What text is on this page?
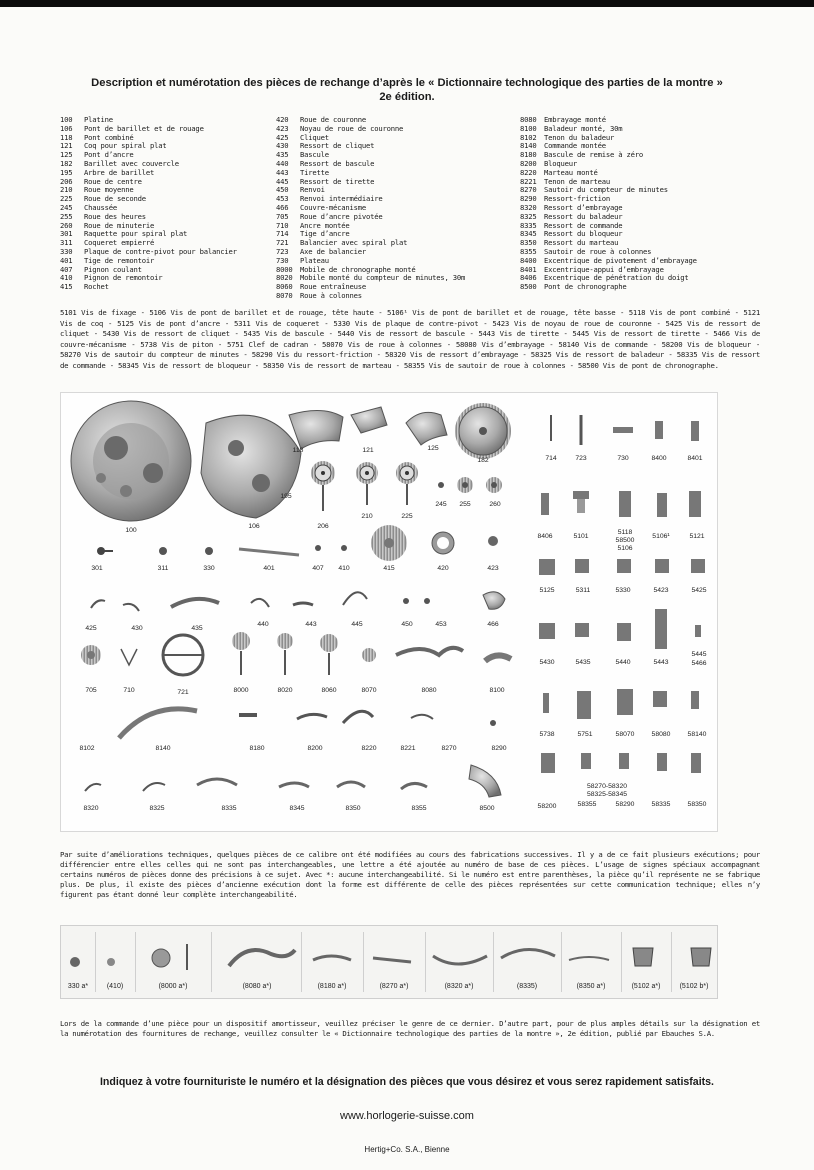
Description et numérotation des pièces de rechange d’après le « Dictionnaire technologique des parties de la montre »
2e édition.
100 Platine
106 Pont de barillet et de rouage
118 Pont combiné
121 Coq pour spiral plat
125 Pont d’ancre
182 Barillet avec couvercle
195 Arbre de barillet
206 Roue de centre
210 Roue moyenne
225 Roue de seconde
245 Chaussée
255 Roue des heures
260 Roue de minuterie
301 Raquette pour spiral plat
311 Coqueret empierré
330 Plaque de contre-pivot pour balancier
401 Tige de remontoir
407 Pignon coulant
410 Pignon de remontoir
415 Rochet
420 Roue de couronne
423 Noyau de roue de couronne
425 Cliquet
430 Ressort de cliquet
435 Bascule
440 Ressort de bascule
443 Tirette
445 Ressort de tirette
450 Renvoi
453 Renvoi intermédiaire
466 Couvre-mécanisme
705 Roue d’ancre pivotée
710 Ancre montée
714 Tige d’ancre
721 Balancier avec spiral plat
723 Axe de balancier
730 Plateau
8000 Mobile de chronographe monté
8020 Mobile monté du compteur de minutes, 30m
8060 Roue entraîneuse
8070 Roue à colonnes
8080 Embrayage monté
8100 Baladeur monté, 30m
8102 Tenon du baladeur
8140 Commande montée
8180 Bascule de remise à zéro
8200 Bloqueur
8220 Marteau monté
8221 Tenon de marteau
8270 Sautoir du compteur de minutes
8290 Ressort-friction
8320 Ressort d’embrayage
8325 Ressort du baladeur
8335 Ressort de commande
8345 Ressort du bloqueur
8350 Ressort du marteau
8355 Sautoir de roue à colonnes
8400 Excentrique de pivotement d’embrayage
8401 Excentrique-appui d’embrayage
8406 Excentrique de pénétration du doigt
8500 Pont de chronographe
5101 Vis de fixage - 5106 Vis de pont de barillet et de rouage, tête haute - 5106¹ Vis de pont de barillet et de rouage, tête basse - 5118 Vis de pont combiné - 5121 Vis de coq - 5125 Vis de pont d’ancre - 5311 Vis de coqueret - 5330 Vis de plaque de contre-pivot - 5423 Vis de noyau de roue de couronne - 5425 Vis de ressort de cliquet - 5430 Vis de ressort de cliquet - 5435 Vis de bascule - 5440 Vis de ressort de bascule - 5443 Vis de tirette - 5445 Vis de ressort de tirette - 5466 Vis de couvre-mécanisme - 5738 Vis de piton - 5751 Clef de cadran - 58070 Vis de roue à colonnes - 58080 Vis d’embrayage - 58140 Vis de commande - 58200 Vis de bloqueur - 58270 Vis de sautoir du compteur de minutes - 58290 Vis du ressort-friction - 58320 Vis de ressort d’embrayage - 58325 Vis de ressort de baladeur - 58335 Vis de ressort de commande - 58345 Vis de ressort de bloqueur - 58350 Vis de ressort de marteau - 58355 Vis de sautoir de roue à colonnes - 58500 Vis de pont de chronographe.
100
106
118	121	125
182
195
206
210	225
245 255	260
301	311	330	401	407 410	415	420	423
425	430	435
440	443	445	450	453	466
705	710	721	8000	8020	8060	8070	8080	8100
8102	8140	8180	8200	8220	8221	8270	8290
8320	8325	8335	8345	8350	8355	8500
714	723	730	8400	8401
8406	5101
5118
58500
5106
5106¹	5121
5125	5311	5330	5423	5425
5430	5435	5440	5443
5445
5466
5738	5751	58070	58080	58140
58270-58320
58325-58345
58200	58355	58290	58335	58350
Par suite d’améliorations techniques, quelques pièces de ce calibre ont été modifiées au cours des fabrications successives. Il y a de ce fait plusieurs exécutions; pour différencier entre elles celles qui ne sont pas interchangeables, une lettre a été ajoutée au numéro de base de ces pièces. L’usage de signes spéciaux accompagnant certains numéros de pièces donne des précisions à ce sujet. Avec *: aucune interchangeabilité. Si le numéro est entre parenthèses, la pièce qu’il représente ne se fabrique plus. De plus, il existe des pièces d’ancienne exécution dont la forme est différente de celle des pièces représentées sur cette communication technique; elles n’y figurent pas étant donné leur complète interchangeabilité.
330 a*	(410)	(8000 a*)	(8080 a*)	(8180 a*)	(8270 a*)	(8320 a*)	(8335)	(8350 a*)	(5102 a*)	(5102 b*)
Lors de la commande d’une pièce pour un dispositif amortisseur, veuillez préciser le genre de ce dernier. D’autre part, pour de plus amples détails sur la désignation et la numérotation des fournitures de rechange, veuillez consulter le « Dictionnaire technologique des parties de la montre », 2e édition, publié par Ebauches S.A.
Indiquez à votre fournituriste le numéro et la désignation des pièces que vous désirez et vous serez rapidement satisfaits.
www.horlogerie-suisse.com
Hertig+Co. S.A., Bienne
